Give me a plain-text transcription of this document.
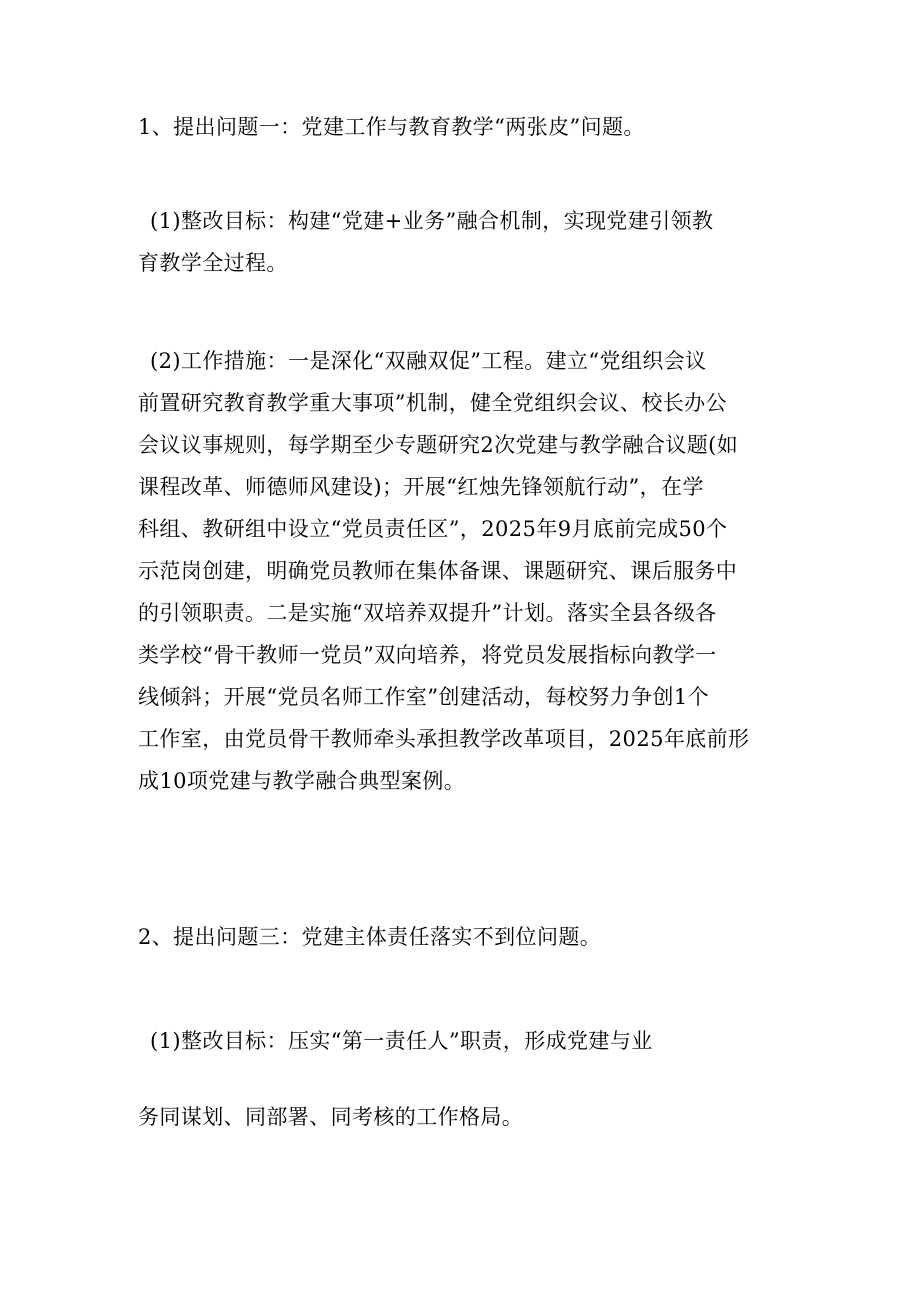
1、提出问题一：党建工作与教育教学“两张皮”问题。

(1)整改目标：构建“党建+业务”融合机制，实现党建引领教
育教学全过程。

(2)工作措施：一是深化“双融双促”工程。建立“党组织会议
前置研究教育教学重大事项”机制，健全党组织会议、校长办公
会议议事规则，每学期至少专题研究2次党建与教学融合议题(如
课程改革、师德师风建设)；开展“红烛先锋领航行动”，在学
科组、教研组中设立“党员责任区”，2025年9月底前完成50个
示范岗创建，明确党员教师在集体备课、课题研究、课后服务中
的引领职责。二是实施“双培养双提升”计划。落实全县各级各
类学校“骨干教师一党员”双向培养，将党员发展指标向教学一
线倾斜；开展“党员名师工作室”创建活动，每校努力争创1个
工作室，由党员骨干教师牵头承担教学改革项目，2025年底前形
成10项党建与教学融合典型案例。

2、提出问题三：党建主体责任落实不到位问题。

(1)整改目标：压实“第一责任人”职责，形成党建与业

务同谋划、同部署、同考核的工作格局。
